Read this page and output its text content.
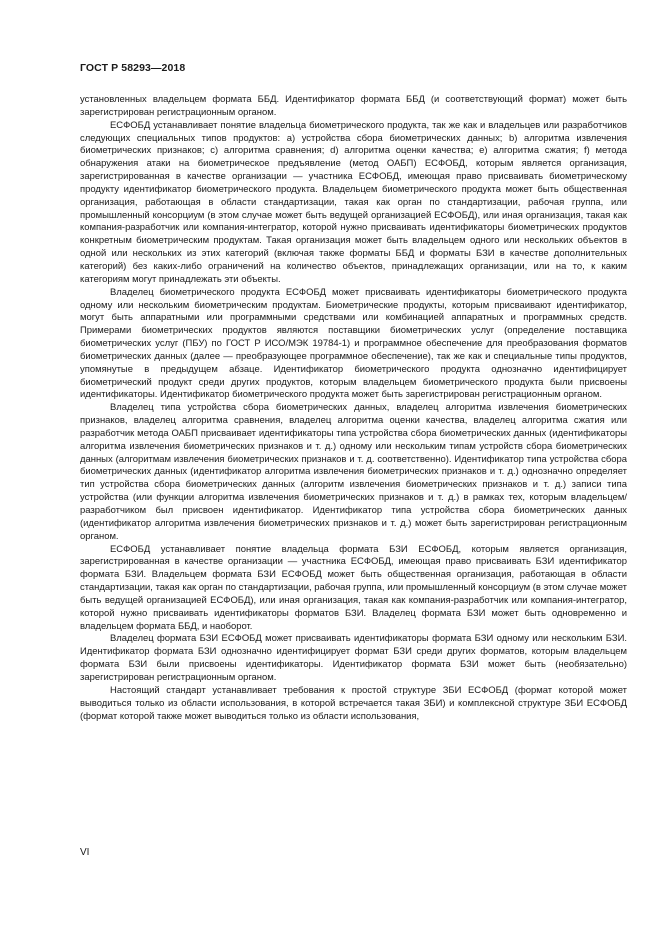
ГОСТ Р 58293—2018

установленных владельцем формата ББД. Идентификатор формата ББД (и соответствующий формат) может быть зарегистрирован регистрационным органом.

ЕСФОБД устанавливает понятие владельца биометрического продукта, так же как и владельцев или разработчиков следующих специальных типов продуктов: а) устройства сбора биометрических данных; b) алгоритма извлечения биометрических признаков; с) алгоритма сравнения; d) алгоритма оценки качества; е) алгоритма сжатия; f) метода обнаружения атаки на биометрическое предъявление (метод ОАБП) ЕСФОБД, которым является организация, зарегистрированная в качестве организации — участника ЕСФОБД, имеющая право присваивать биометрическому продукту идентификатор биометрического продукта. Владельцем биометрического продукта может быть общественная организация, работающая в области стандартизации, такая как орган по стандартизации, рабочая группа, или промышленный консорциум (в этом случае может быть ведущей организацией ЕСФОБД), или иная организация, такая как компания-разработчик или компания-интегратор, которой нужно присваивать идентификаторы биометрических продуктов конкретным биометрическим продуктам. Такая организация может быть владельцем одного или нескольких объектов в одной или нескольких из этих категорий (включая также форматы ББД и форматы БЗИ в качестве дополнительных категорий) без каких-либо ограничений на количество объектов, принадлежащих организации, или на то, к каким категориям могут принадлежать эти объекты.

Владелец биометрического продукта ЕСФОБД может присваивать идентификаторы биометрического продукта одному или нескольким биометрическим продуктам. Биометрические продукты, которым присваивают идентификатор, могут быть аппаратными или программными средствами или комбинацией аппаратных и программных средств. Примерами биометрических продуктов являются поставщики биометрических услуг (определение поставщика биометрических услуг (ПБУ) по ГОСТ Р ИСО/МЭК 19784-1) и программное обеспечение для преобразования форматов биометрических данных (далее — преобразующее программное обеспечение), так же как и специальные типы продуктов, упомянутые в предыдущем абзаце. Идентификатор биометрического продукта однозначно идентифицирует биометрический продукт среди других продуктов, которым владельцем биометрического продукта были присвоены идентификаторы. Идентификатор биометрического продукта может быть зарегистрирован регистрационным органом.

Владелец типа устройства сбора биометрических данных, владелец алгоритма извлечения биометрических признаков, владелец алгоритма сравнения, владелец алгоритма оценки качества, владелец алгоритма сжатия или разработчик метода ОАБП присваивает идентификаторы типа устройства сбора биометрических данных (идентификаторы алгоритма извлечения биометрических признаков и т. д.) одному или нескольким типам устройств сбора биометрических данных (алгоритмам извлечения биометрических признаков и т. д. соответственно). Идентификатор типа устройства сбора биометрических данных (идентификатор алгоритма извлечения биометрических признаков и т. д.) однозначно определяет тип устройства сбора биометрических данных (алгоритм извлечения биометрических признаков и т. д.) записи типа устройства (или функции алгоритма извлечения биометрических признаков и т. д.) в рамках тех, которым владельцем/разработчиком был присвоен идентификатор. Идентификатор типа устройства сбора биометрических данных (идентификатор алгоритма извлечения биометрических признаков и т. д.) может быть зарегистрирован регистрационным органом.

ЕСФОБД устанавливает понятие владельца формата БЗИ ЕСФОБД, которым является организация, зарегистрированная в качестве организации — участника ЕСФОБД, имеющая право присваивать БЗИ идентификатор формата БЗИ. Владельцем формата БЗИ ЕСФОБД может быть общественная организация, работающая в области стандартизации, такая как орган по стандартизации, рабочая группа, или промышленный консорциум (в этом случае может быть ведущей организацией ЕСФОБД), или иная организация, такая как компания-разработчик или компания-интегратор, которой нужно присваивать идентификаторы форматов БЗИ. Владелец формата БЗИ может быть одновременно и владельцем формата ББД, и наоборот.

Владелец формата БЗИ ЕСФОБД может присваивать идентификаторы формата БЗИ одному или нескольким БЗИ. Идентификатор формата БЗИ однозначно идентифицирует формат БЗИ среди других форматов, которым владельцем формата БЗИ были присвоены идентификаторы. Идентификатор формата БЗИ может быть (необязательно) зарегистрирован регистрационным органом.

Настоящий стандарт устанавливает требования к простой структуре ЗБИ ЕСФОБД (формат которой может выводиться только из области использования, в которой встречается такая ЗБИ) и комплексной структуре ЗБИ ЕСФОБД (формат которой также может выводиться только из области использования,

VI
